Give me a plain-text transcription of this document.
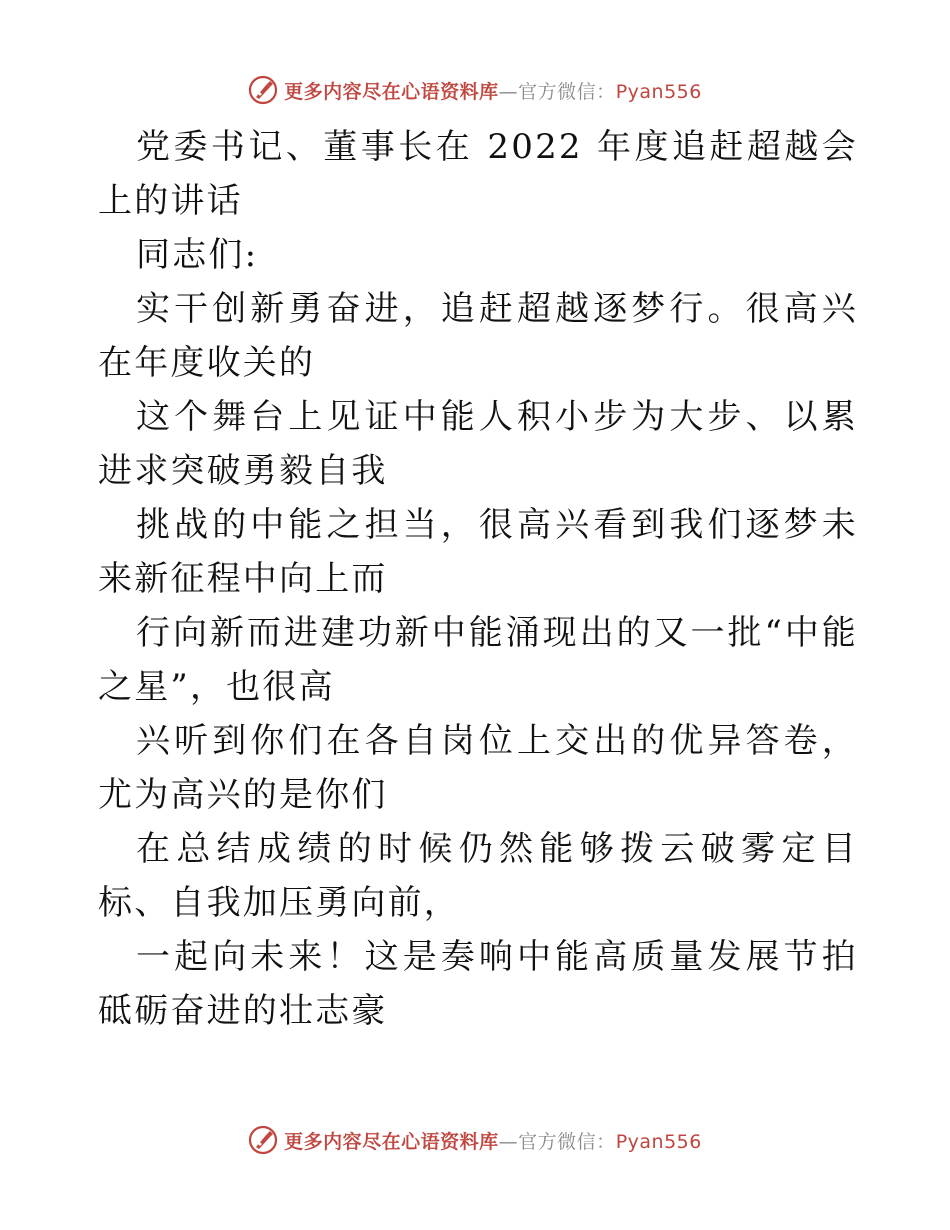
更多内容尽在心语资料库—官方微信：Pyan556

党委书记、董事长在 2022 年度追赶超越会上的讲话

同志们:

实干创新勇奋进，追赶超越逐梦行。很高兴在年度收关的

这个舞台上见证中能人积小步为大步、以累进求突破勇毅自我

挑战的中能之担当，很高兴看到我们逐梦未来新征程中向上而

行向新而进建功新中能涌现出的又一批“中能之星”，也很高

兴听到你们在各自岗位上交出的优异答卷，尤为高兴的是你们

在总结成绩的时候仍然能够拨云破雾定目标、自我加压勇向前，

一起向未来！这是奏响中能高质量发展节拍砥砺奋进的壮志豪

更多内容尽在心语资料库—官方微信：Pyan556
